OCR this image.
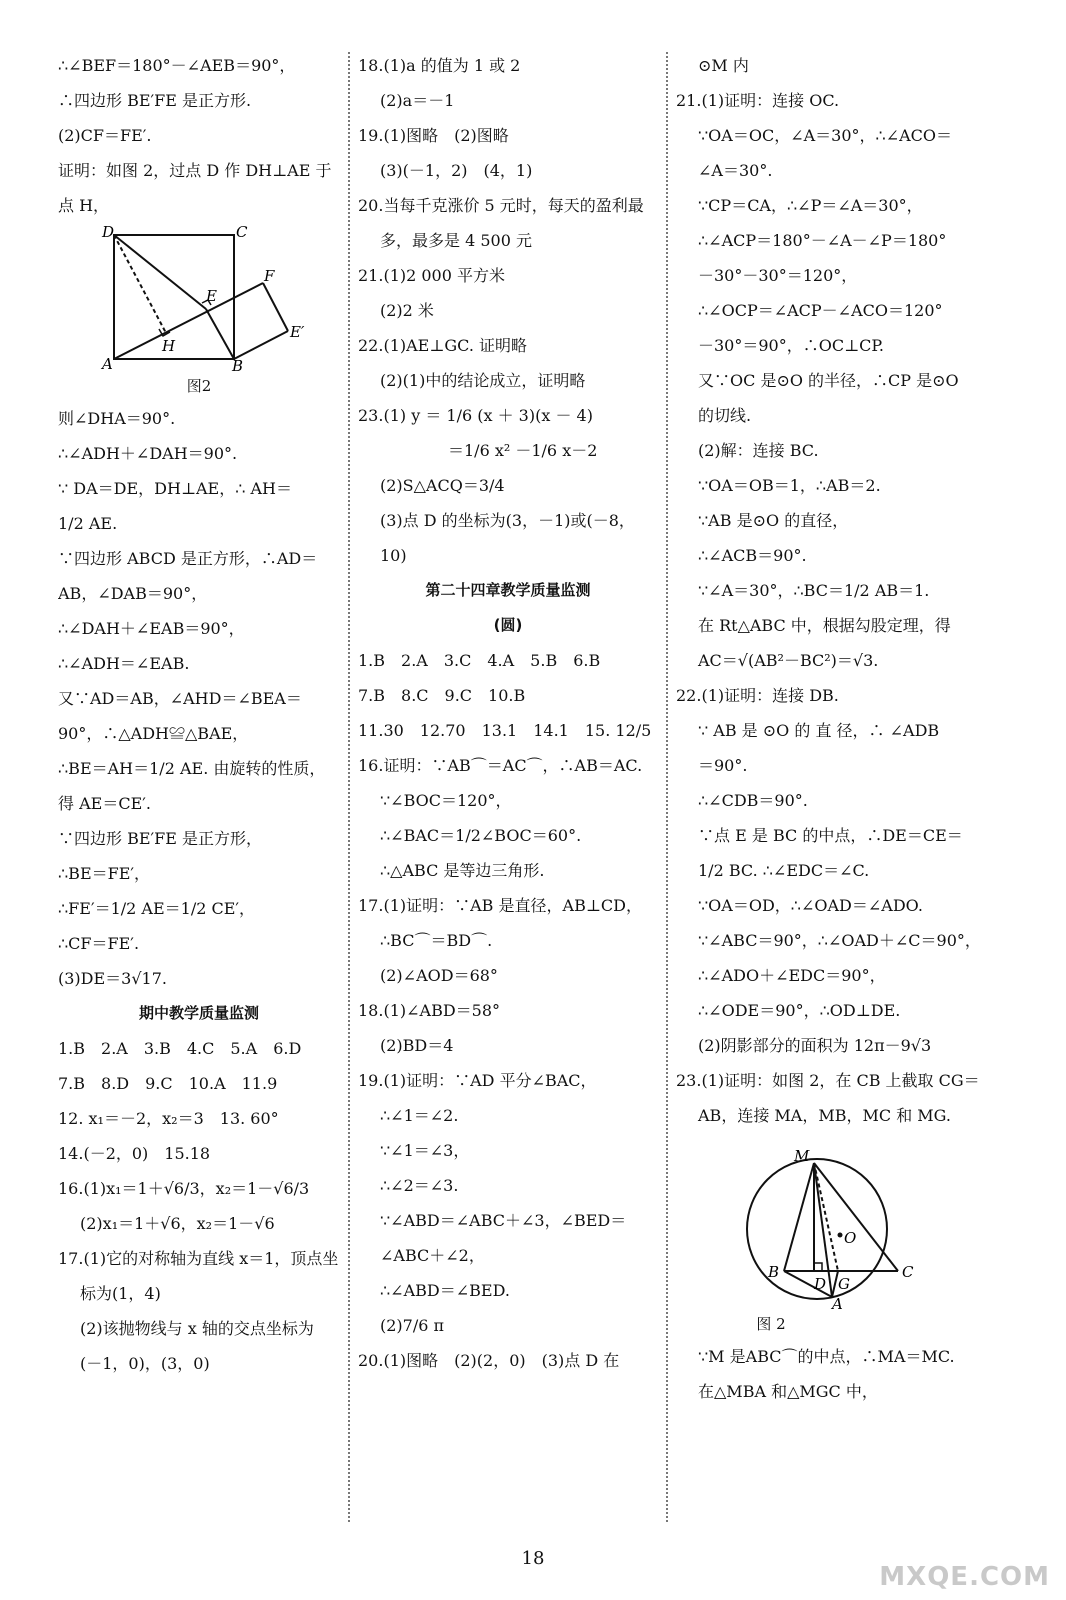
∴∠BEF＝180°－∠AEB＝90°，
∴四边形 BE′FE 是正方形.
(2)CF＝FE′.
证明：如图 2，过点 D 作 DH⊥AE 于
点 H，
D	C
E
F
H
A	B
E′
图2
则∠DHA＝90°.
∴∠ADH＋∠DAH＝90°.
∵ DA＝DE，DH⊥AE，∴ AH＝
1/2 AE.
∵四边形 ABCD 是正方形，∴AD＝
AB，∠DAB＝90°，
∴∠DAH＋∠EAB＝90°，
∴∠ADH＝∠EAB.
又∵AD＝AB，∠AHD＝∠BEA＝
90°，∴△ADH≌△BAE，
∴BE＝AH＝1/2 AE. 由旋转的性质，
得 AE＝CE′.
∵四边形 BE′FE 是正方形，
∴BE＝FE′，
∴FE′＝1/2 AE＝1/2 CE′，
∴CF＝FE′.
(3)DE＝3√17.
期中教学质量监测
1.B　2.A　3.B　4.C　5.A　6.D
7.B　8.D　9.C　10.A　11.9
12. x₁＝－2，x₂＝3　13. 60°
14.(－2，0)　15.18
16.(1)x₁＝1＋√6/3，x₂＝1－√6/3
(2)x₁＝1＋√6，x₂＝1－√6
17.(1)它的对称轴为直线 x＝1，顶点坐
标为(1，4)
(2)该抛物线与 x 轴的交点坐标为
(－1，0)，(3，0)
18.(1)a 的值为 1 或 2
(2)a＝－1
19.(1)图略　(2)图略
(3)(－1，2)　(4，1)
20.当每千克涨价 5 元时，每天的盈利最
多，最多是 4 500 元
21.(1)2 000 平方米
(2)2 米
22.(1)AE⊥GC. 证明略
(2)(1)中的结论成立，证明略
23.(1) y ＝ 1/6 (x ＋ 3)(x － 4)
＝1/6 x² －1/6 x－2
(2)S△ACQ＝3/4
(3)点 D 的坐标为(3，－1)或(－8，
10)
第二十四章教学质量监测
(圆)
1.B　2.A　3.C　4.A　5.B　6.B
7.B　8.C　9.C　10.B
11.30　12.70　13.1　14.1　15. 12/5
16.证明：∵AB⌒＝AC⌒，∴AB＝AC.
∵∠BOC＝120°，
∴∠BAC＝1/2∠BOC＝60°.
∴△ABC 是等边三角形.
17.(1)证明：∵AB 是直径，AB⊥CD，
∴BC⌒＝BD⌒.
(2)∠AOD＝68°
18.(1)∠ABD＝58°
(2)BD＝4
19.(1)证明：∵AD 平分∠BAC，
∴∠1＝∠2.
∵∠1＝∠3，
∴∠2＝∠3.
∵∠ABD＝∠ABC＋∠3，∠BED＝
∠ABC＋∠2，
∴∠ABD＝∠BED.
(2)7/6 π
20.(1)图略　(2)(2，0)　(3)点 D 在
⊙M 内
21.(1)证明：连接 OC.
∵OA＝OC，∠A＝30°，∴∠ACO＝
∠A＝30°.
∵CP＝CA，∴∠P＝∠A＝30°，
∴∠ACP＝180°－∠A－∠P＝180°
－30°－30°＝120°，
∴∠OCP＝∠ACP－∠ACO＝120°
－30°＝90°，∴OC⊥CP.
又∵OC 是⊙O 的半径，∴CP 是⊙O
的切线.
(2)解：连接 BC.
∵OA＝OB＝1，∴AB＝2.
∵AB 是⊙O 的直径，
∴∠ACB＝90°.
∵∠A＝30°，∴BC＝1/2 AB＝1.
在 Rt△ABC 中，根据勾股定理，得
AC＝√(AB²－BC²)＝√3.
22.(1)证明：连接 DB.
∵ AB 是 ⊙O 的 直 径，∴ ∠ADB
＝90°.
∴∠CDB＝90°.
∵点 E 是 BC 的中点，∴DE＝CE＝
1/2 BC. ∴∠EDC＝∠C.
∵OA＝OD，∴∠OAD＝∠ADO.
∵∠ABC＝90°，∴∠OAD＋∠C＝90°，
∴∠ADO＋∠EDC＝90°，
∴∠ODE＝90°，∴OD⊥DE.
(2)阴影部分的面积为 12π－9√3
23.(1)证明：如图 2，在 CB 上截取 CG＝
AB，连接 MA，MB，MC 和 MG.
M
O
B
D G
C
A
图 2
∵M 是ABC⌒的中点，∴MA＝MC.
在△MBA 和△MGC 中，
18
MXQE.COM
